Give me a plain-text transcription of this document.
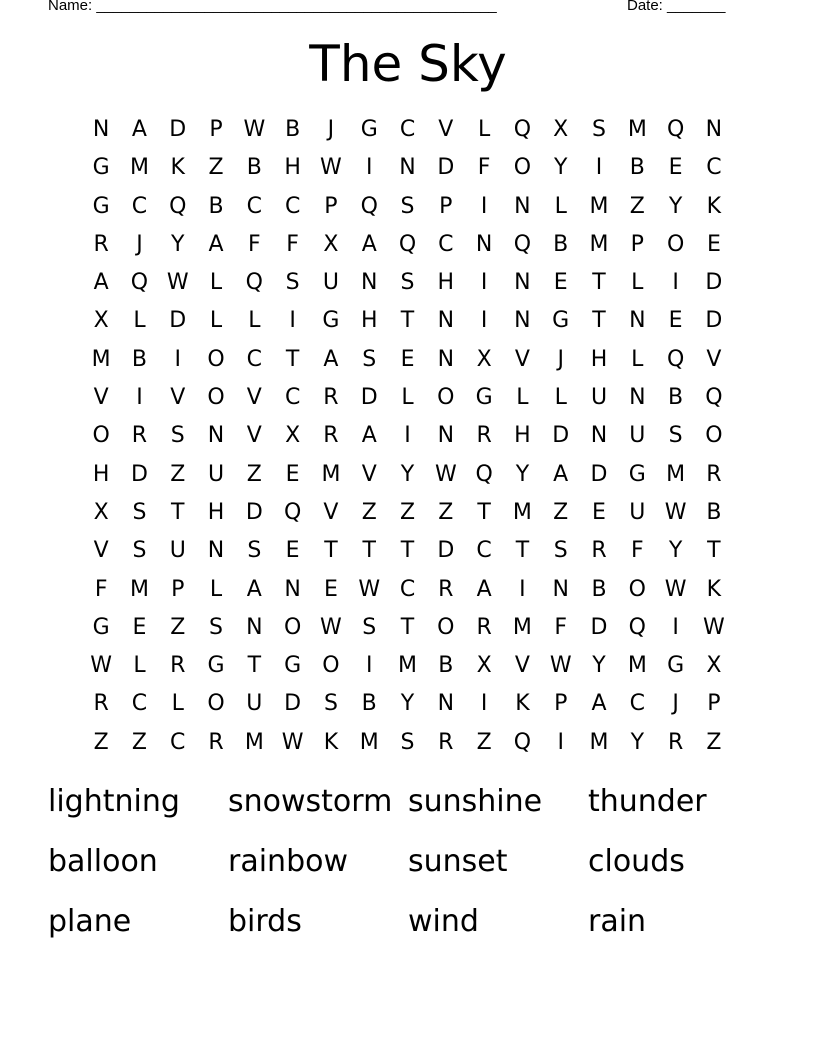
Name: ________________________________________________	Date: _______
The Sky
N	A	D	P W B	J	G	C	V	L	Q	X	S M Q N
G M K	Z	B	H W	I	N D	F	O	Y	I	B	E	C
G	C Q	B	C	C	P	Q	S	P	I	N	L	M Z	Y	K
R	J	Y	A	F	F	X	A	Q C	N Q	B M	P	O	E
A	Q W L	Q	S	U	N	S	H	I	N	E	T	L	I	D
X	L	D	L	L	I	G H	T	N	I	N G	T	N	E	D
M B	I	O C	T	A	S	E	N	X	V	J	H	L	Q	V
V	I	V	O	V	C	R	D	L	O G	L	L	U	N	B	Q
O R	S	N	V	X	R	A	I	N	R	H D N	U	S	O
H D	Z	U	Z	E M V	Y W Q	Y	A	D G M R
X	S	T	H D Q	V	Z	Z	Z	T	M Z	E	U W B
V	S	U	N	S	E	T	T	T	D	C	T	S	R	F	Y	T
F	M	P	L	A	N	E W C	R	A	I	N	B	O W K
G	E	Z	S	N O W S	T	O R M	F	D Q	I	W
W L	R	G	T	G O	I	M B	X	V W Y	M G	X
R	C	L	O U D	S	B	Y	N	I	K	P	A	C	J	P
Z	Z	C	R M W K M S	R	Z	Q	I	M	Y	R	Z
lightning	snowstorm sunshine	thunder
balloon	rainbow	sunset	clouds
plane	birds	wind	rain
